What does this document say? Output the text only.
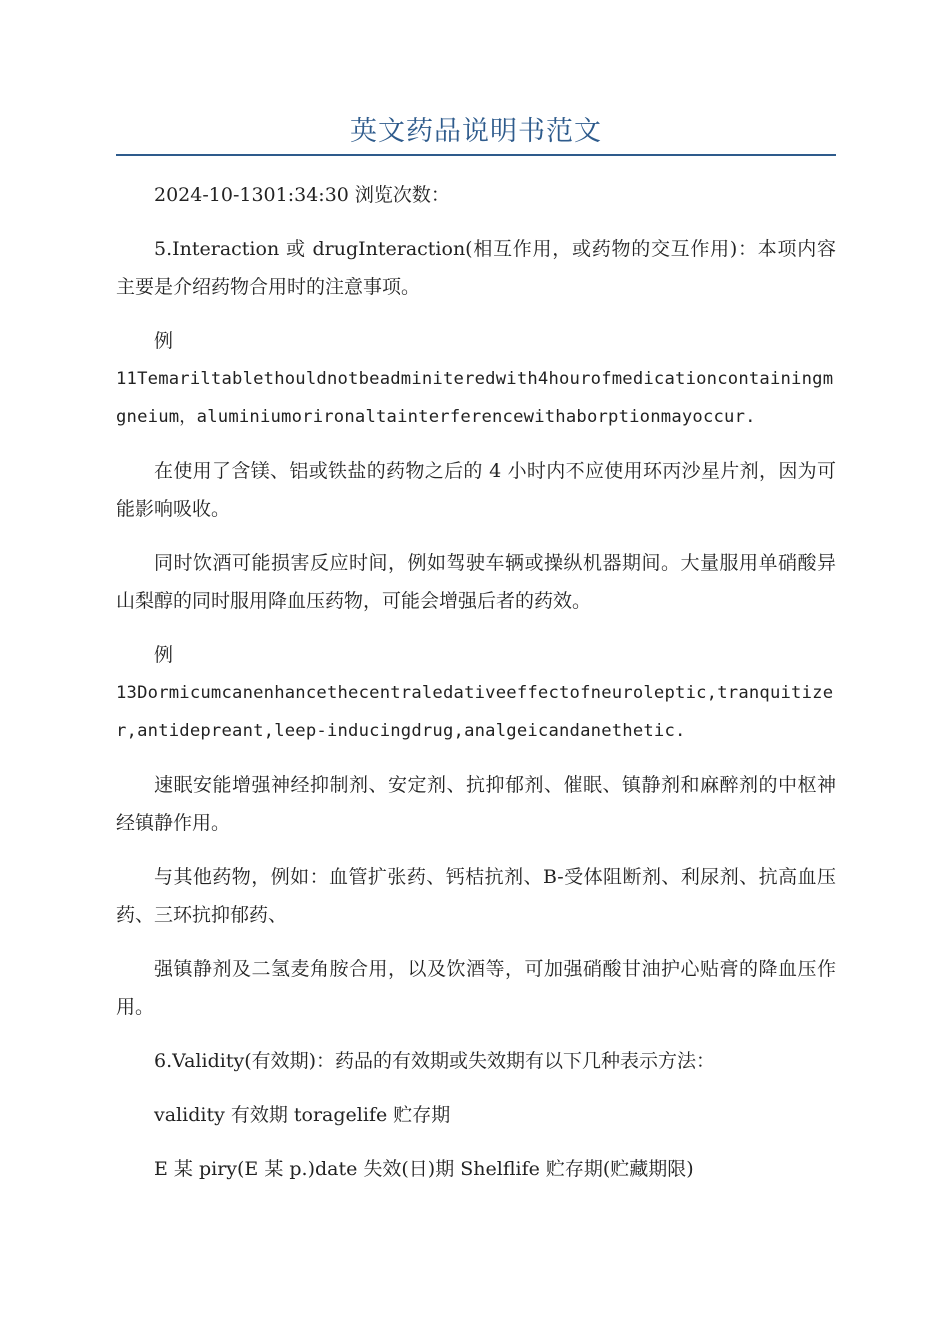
英文药品说明书范文

2024-10-1301:34:30 浏览次数：

5.Interaction 或 drugInteraction(相互作用，或药物的交互作用)：本项内容主要是介绍药物合用时的注意事项。

例

11Temariltablethouldnotbeadminiteredwith4hourofmedicationcontainingmgneium，aluminiumorironaltainterferencewithaborptionmayoccur.

在使用了含镁、铝或铁盐的药物之后的 4 小时内不应使用环丙沙星片剂，因为可能影响吸收。

同时饮酒可能损害反应时间，例如驾驶车辆或操纵机器期间。大量服用单硝酸异山梨醇的同时服用降血压药物，可能会增强后者的药效。

例

13Dormicumcanenhancethecentraledativeeffectofneuroleptic,tranquitizer,antidepreant,leep-inducingdrug,analgeicandanethetic.

速眠安能增强神经抑制剂、安定剂、抗抑郁剂、催眠、镇静剂和麻醉剂的中枢神经镇静作用。

与其他药物，例如：血管扩张药、钙桔抗剂、B-受体阻断剂、利尿剂、抗高血压药、三环抗抑郁药、

强镇静剂及二氢麦角胺合用，以及饮酒等，可加强硝酸甘油护心贴膏的降血压作用。

6.Validity(有效期)：药品的有效期或失效期有以下几种表示方法：

validity 有效期 toragelife 贮存期

E 某 piry(E 某 p.)date 失效(日)期 Shelflife 贮存期(贮藏期限)
